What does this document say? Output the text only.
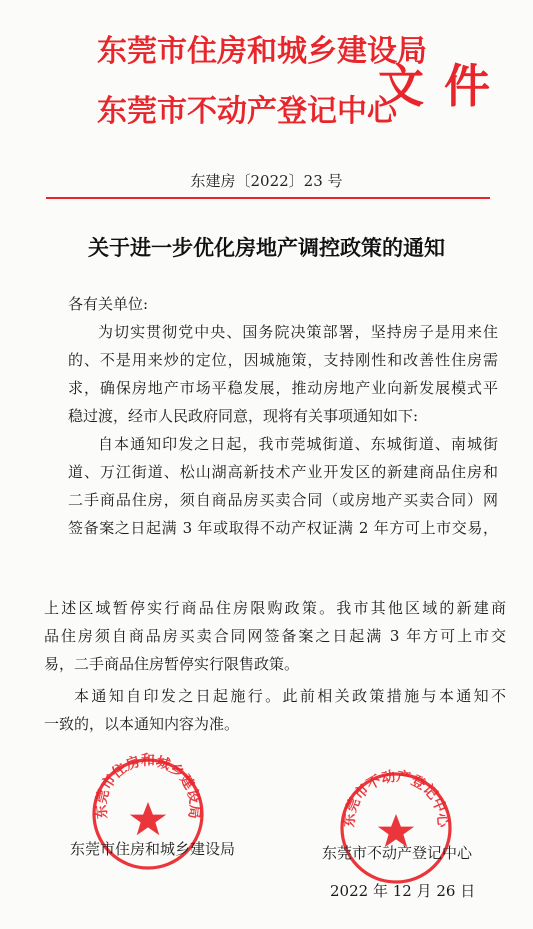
东莞市住房和城乡建设局
东莞市不动产登记中心
文件
东建房〔2022〕23 号
关于进一步优化房地产调控政策的通知
各有关单位:
为切实贯彻党中央、国务院决策部署，坚持房子是用来住
的、不是用来炒的定位，因城施策，支持刚性和改善性住房需
求，确保房地产市场平稳发展，推动房地产业向新发展模式平
稳过渡，经市人民政府同意，现将有关事项通知如下:
自本通知印发之日起，我市莞城街道、东城街道、南城街
道、万江街道、松山湖高新技术产业开发区的新建商品住房和
二手商品住房，须自商品房买卖合同（或房地产买卖合同）网
签备案之日起满 3 年或取得不动产权证满 2 年方可上市交易，
上述区域暂停实行商品住房限购政策。我市其他区域的新建商
品住房须自商品房买卖合同网签备案之日起满 3 年方可上市交
易，二手商品住房暂停实行限售政策。
本通知自印发之日起施行。此前相关政策措施与本通知不
一致的，以本通知内容为准。
东莞市住房和城乡建设局
东莞市不动产登记中心
东莞市住房和城乡建设局	东莞市不动产登记中心
2022 年 12 月 26 日
